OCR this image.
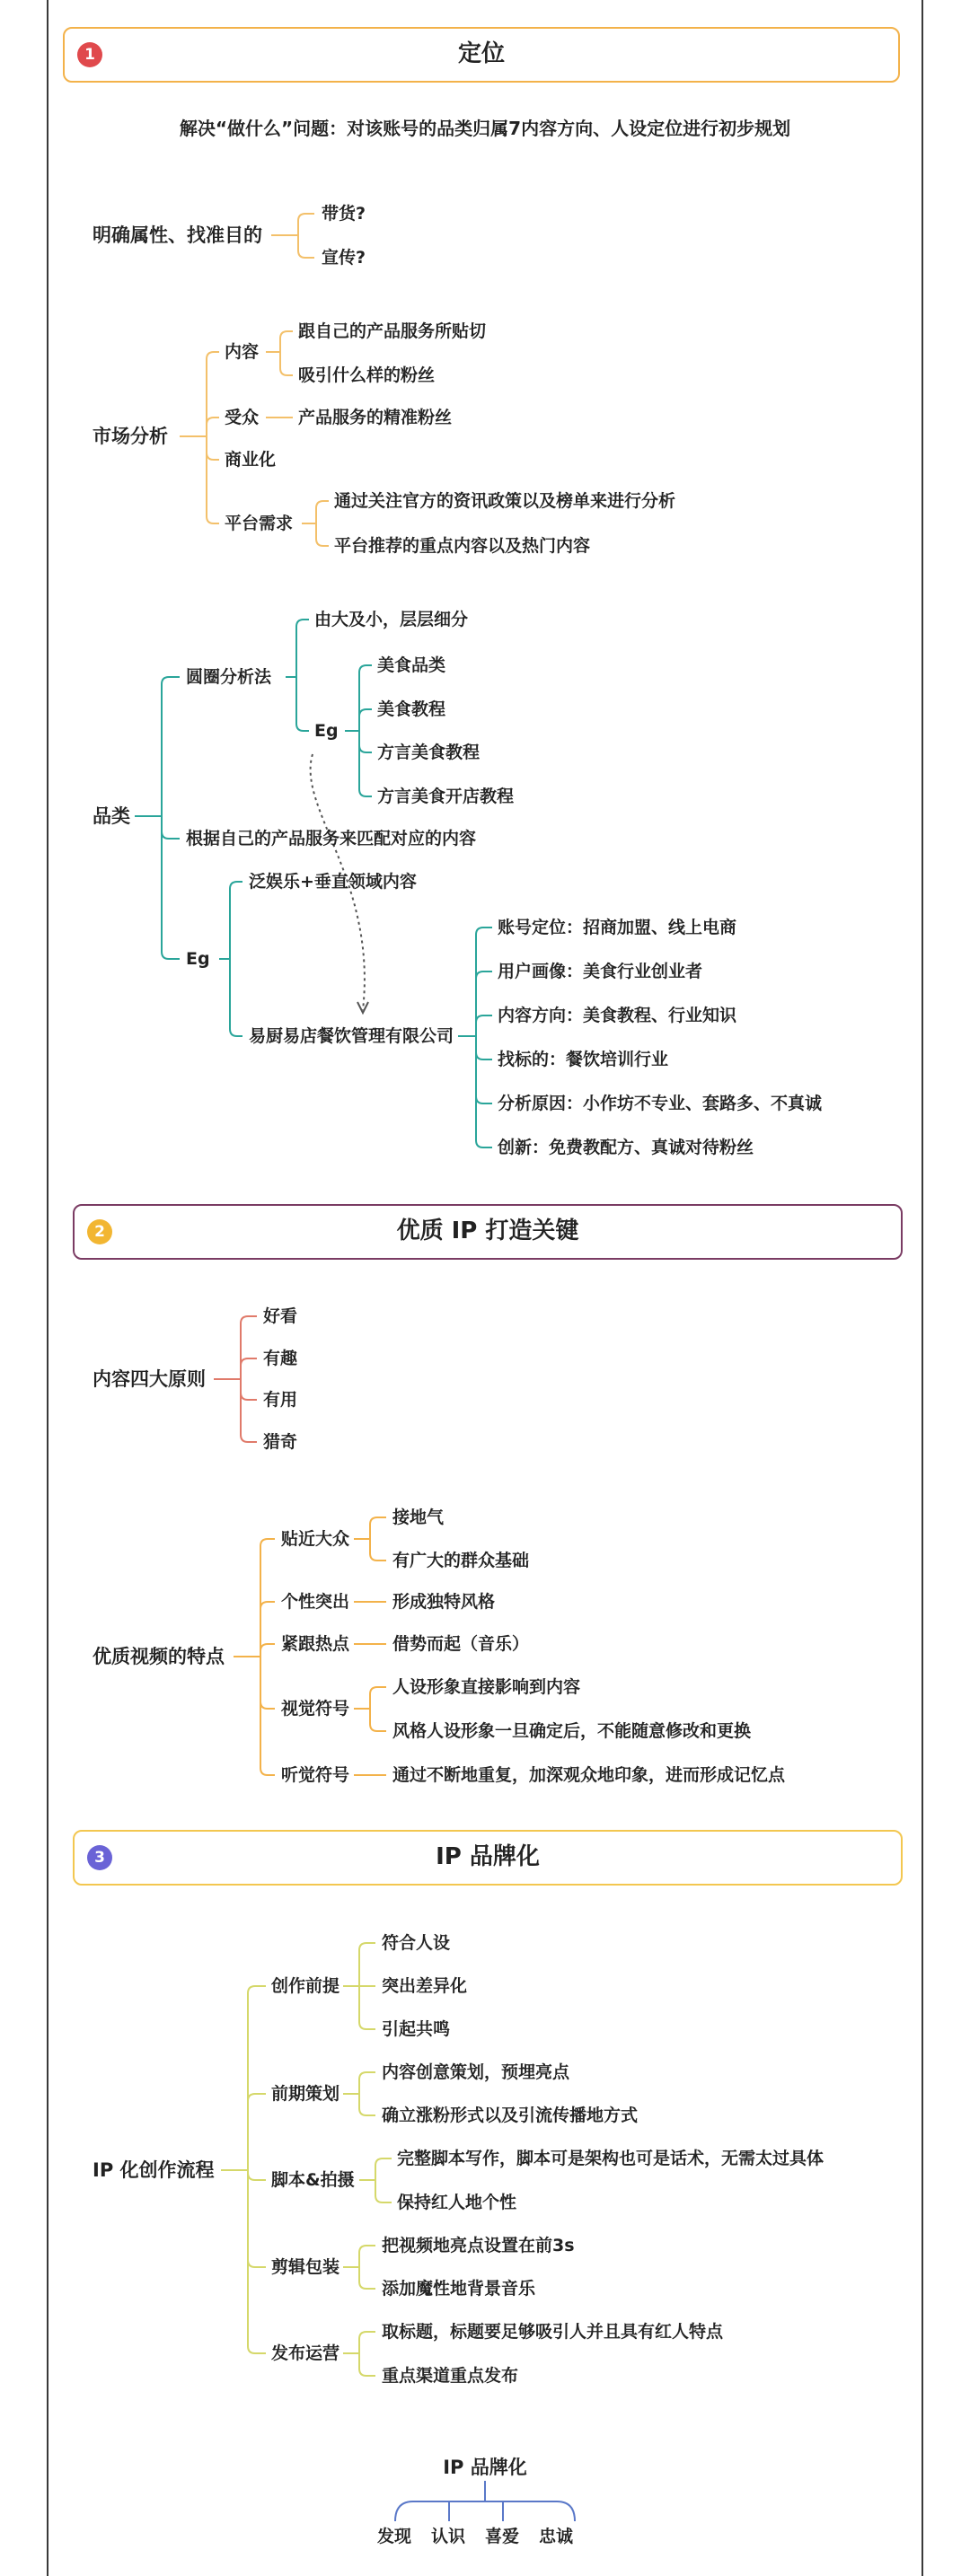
1	定位
解决“做什么”问题：对该账号的品类归属7内容方向、人设定位进行初步规划
明确属性、找准目的
带货?
宣传?
市场分析
内容
跟自己的产品服务所贴切
吸引什么样的粉丝
受众 产品服务的精准粉丝
商业化
平台需求
通过关注官方的资讯政策以及榜单来进行分析
平台推荐的重点内容以及热门内容
品类
圆圈分析法
由大及小，层层细分
Eg
美食品类
美食教程
方言美食教程
方言美食开店教程
根据自己的产品服务来匹配对应的内容
Eg
泛娱乐+垂直领域内容
易厨易店餐饮管理有限公司
账号定位：招商加盟、线上电商
用户画像：美食行业创业者
内容方向：美食教程、行业知识
找标的：餐饮培训行业
分析原因：小作坊不专业、套路多、不真诚
创新：免费教配方、真诚对待粉丝
2	优质 IP 打造关键
内容四大原则
好看
有趣
有用
猎奇
优质视频的特点
贴近大众
接地气
有广大的群众基础
个性突出	形成独特风格
紧跟热点	借势而起（音乐）
视觉符号
人设形象直接影响到内容
风格人设形象一旦确定后，不能随意修改和更换
听觉符号	通过不断地重复，加深观众地印象，进而形成记忆点
3	IP 品牌化
IP 化创作流程
创作前提
符合人设
突出差异化
引起共鸣
前期策划
内容创意策划，预埋亮点
确立涨粉形式以及引流传播地方式
脚本&拍摄
完整脚本写作，脚本可是架构也可是话术，无需太过具体
保持红人地个性
剪辑包装
把视频地亮点设置在前3s
添加魔性地背景音乐
发布运营
取标题，标题要足够吸引人并且具有红人特点
重点渠道重点发布
IP 品牌化
发现 认识 喜爱 忠诚
